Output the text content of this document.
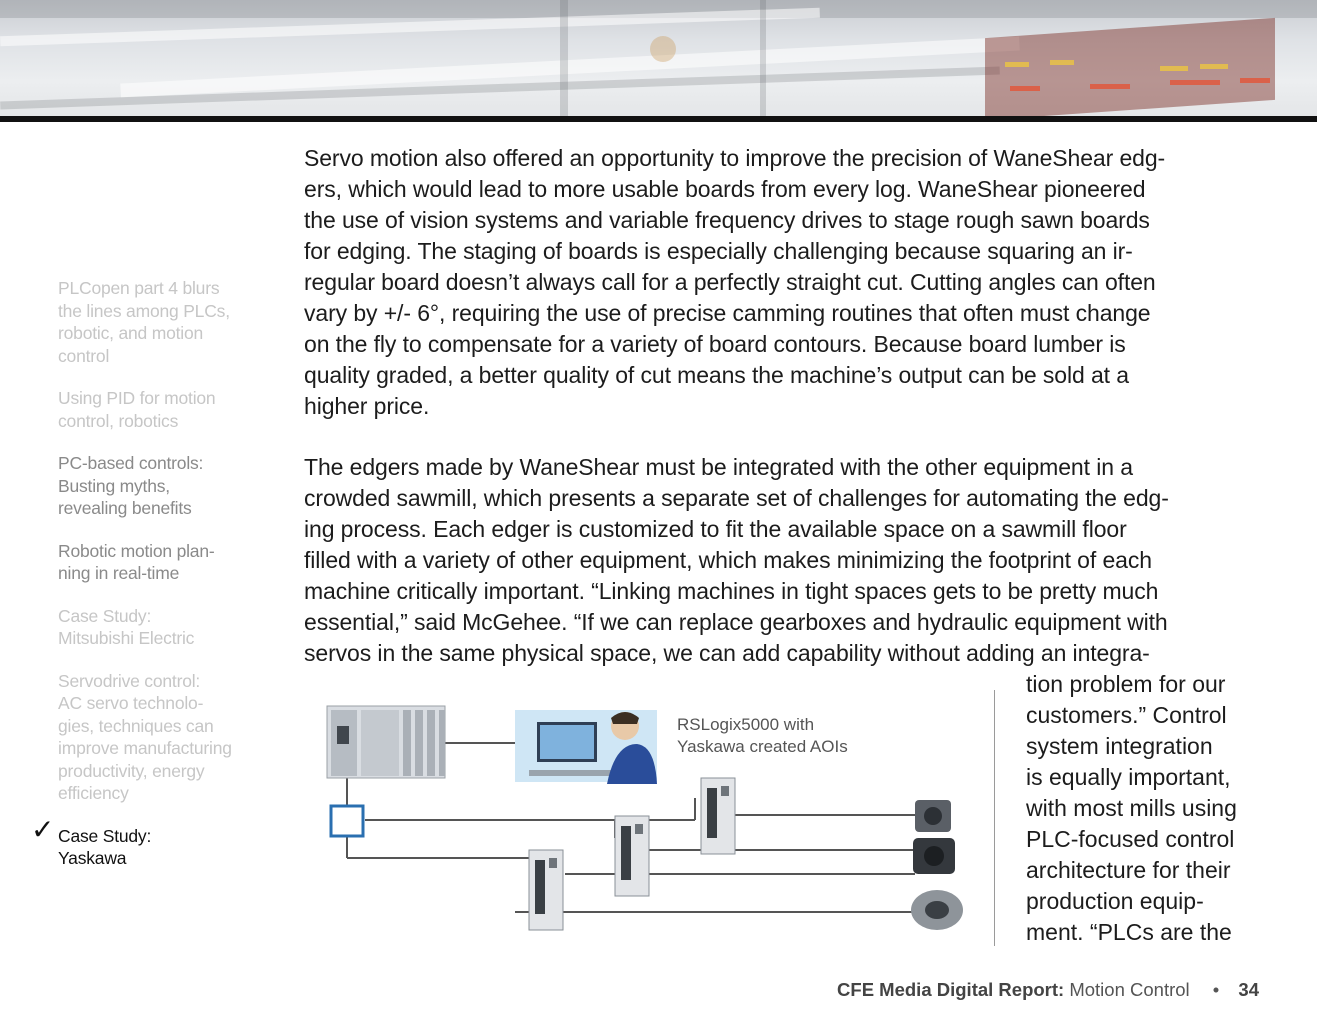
PLCopen part 4 blurs
the lines among PLCs,
robotic, and motion
control
Using PID for motion
control, robotics
PC-based controls:
Busting myths,
revealing benefits
Robotic motion plan-
ning in real-time
Case Study:
Mitsubishi Electric
Servodrive control:
AC servo technolo-
gies, techniques can
improve manufacturing
productivity, energy
efficiency
✓ Case Study:
Yaskawa
Servo motion also offered an opportunity to improve the precision of WaneShear edg-
ers, which would lead to more usable boards from every log. WaneShear pioneered
the use of vision systems and variable frequency drives to stage rough sawn boards
for edging. The staging of boards is especially challenging because squaring an ir-
regular board doesn’t always call for a perfectly straight cut. Cutting angles can often
vary by +/- 6°, requiring the use of precise camming routines that often must change
on the fly to compensate for a variety of board contours. Because board lumber is
quality graded, a better quality of cut means the machine’s output can be sold at a
higher price.
The edgers made by WaneShear must be integrated with the other equipment in a
crowded sawmill, which presents a separate set of challenges for automating the edg-
ing process. Each edger is customized to fit the available space on a sawmill floor
filled with a variety of other equipment, which makes minimizing the footprint of each
machine critically important. “Linking machines in tight spaces gets to be pretty much
essential,” said McGehee. “If we can replace gearboxes and hydraulic equipment with
servos in the same physical space, we can add capability without adding an integra-
tion problem for our
customers.” Control
system integration
is equally important,
with most mills using
PLC-focused control
architecture for their
production equip-
ment. “PLCs are the
RSLogix5000 with
Yaskawa created AOIs
CFE Media Digital Report: Motion Control • 34
